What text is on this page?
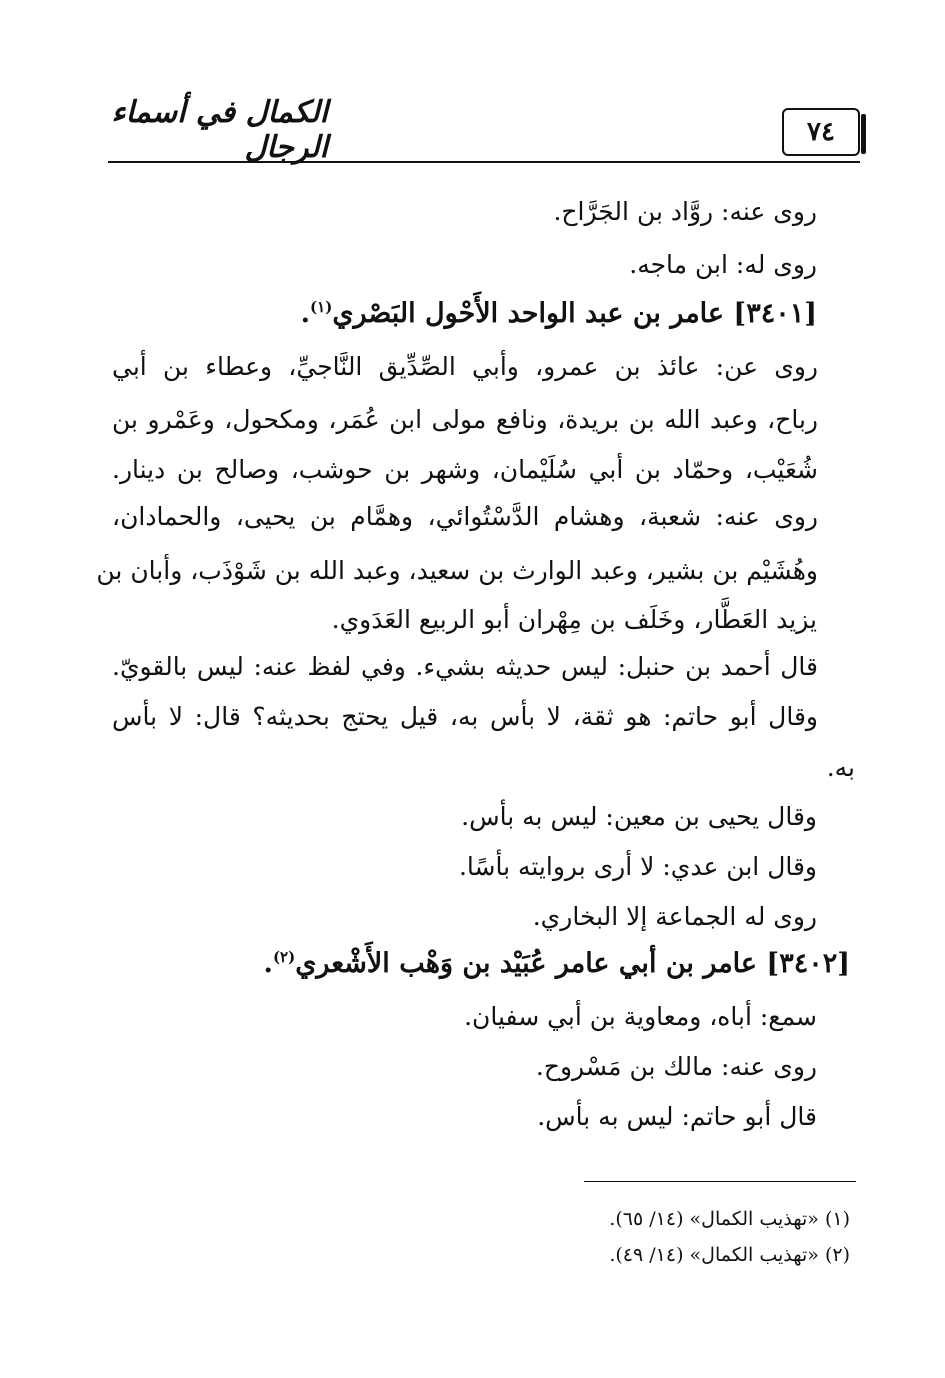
الكمال في أسماء الرجال	٧٤
روى عنه: روَّاد بن الجَرَّاح.
روى له: ابن ماجه.
[٣٤٠١] عامر بن عبد الواحد الأَحْول البَصْري$^{(١)}$.
روى عن: عائذ بن عمرو، وأبي الصِّدِّيق النَّاجيِّ، وعطاء بن أبي
رباح، وعبد الله بن بريدة، ونافع مولى ابن عُمَر، ومكحول، وعَمْرو بن
شُعَيْب، وحمّاد بن أبي سُلَيْمان، وشهر بن حوشب، وصالح بن دينار.
روى عنه: شعبة، وهشام الدَّسْتُوائي، وهمَّام بن يحيى، والحمادان،
وهُشَيْم بن بشير، وعبد الوارث بن سعيد، وعبد الله بن شَوْذَب، وأبان بن
يزيد العَطَّار، وخَلَف بن مِهْران أبو الربيع العَدَوي.
قال أحمد بن حنبل: ليس حديثه بشيء. وفي لفظ عنه: ليس بالقويّ.
وقال أبو حاتم: هو ثقة، لا بأس به، قيل يحتج بحديثه؟ قال: لا بأس
به.
وقال يحيى بن معين: ليس به بأس.
وقال ابن عدي: لا أرى بروايته بأسًا.
روى له الجماعة إلا البخاري.
[٣٤٠٢] عامر بن أبي عامر عُبَيْد بن وَهْب الأَشْعري$^{(٢)}$.
سمع: أباه، ومعاوية بن أبي سفيان.
روى عنه: مالك بن مَسْروح.
قال أبو حاتم: ليس به بأس.
(١) «تهذيب الكمال» (١٤/ ٦٥).
(٢) «تهذيب الكمال» (١٤/ ٤٩).
